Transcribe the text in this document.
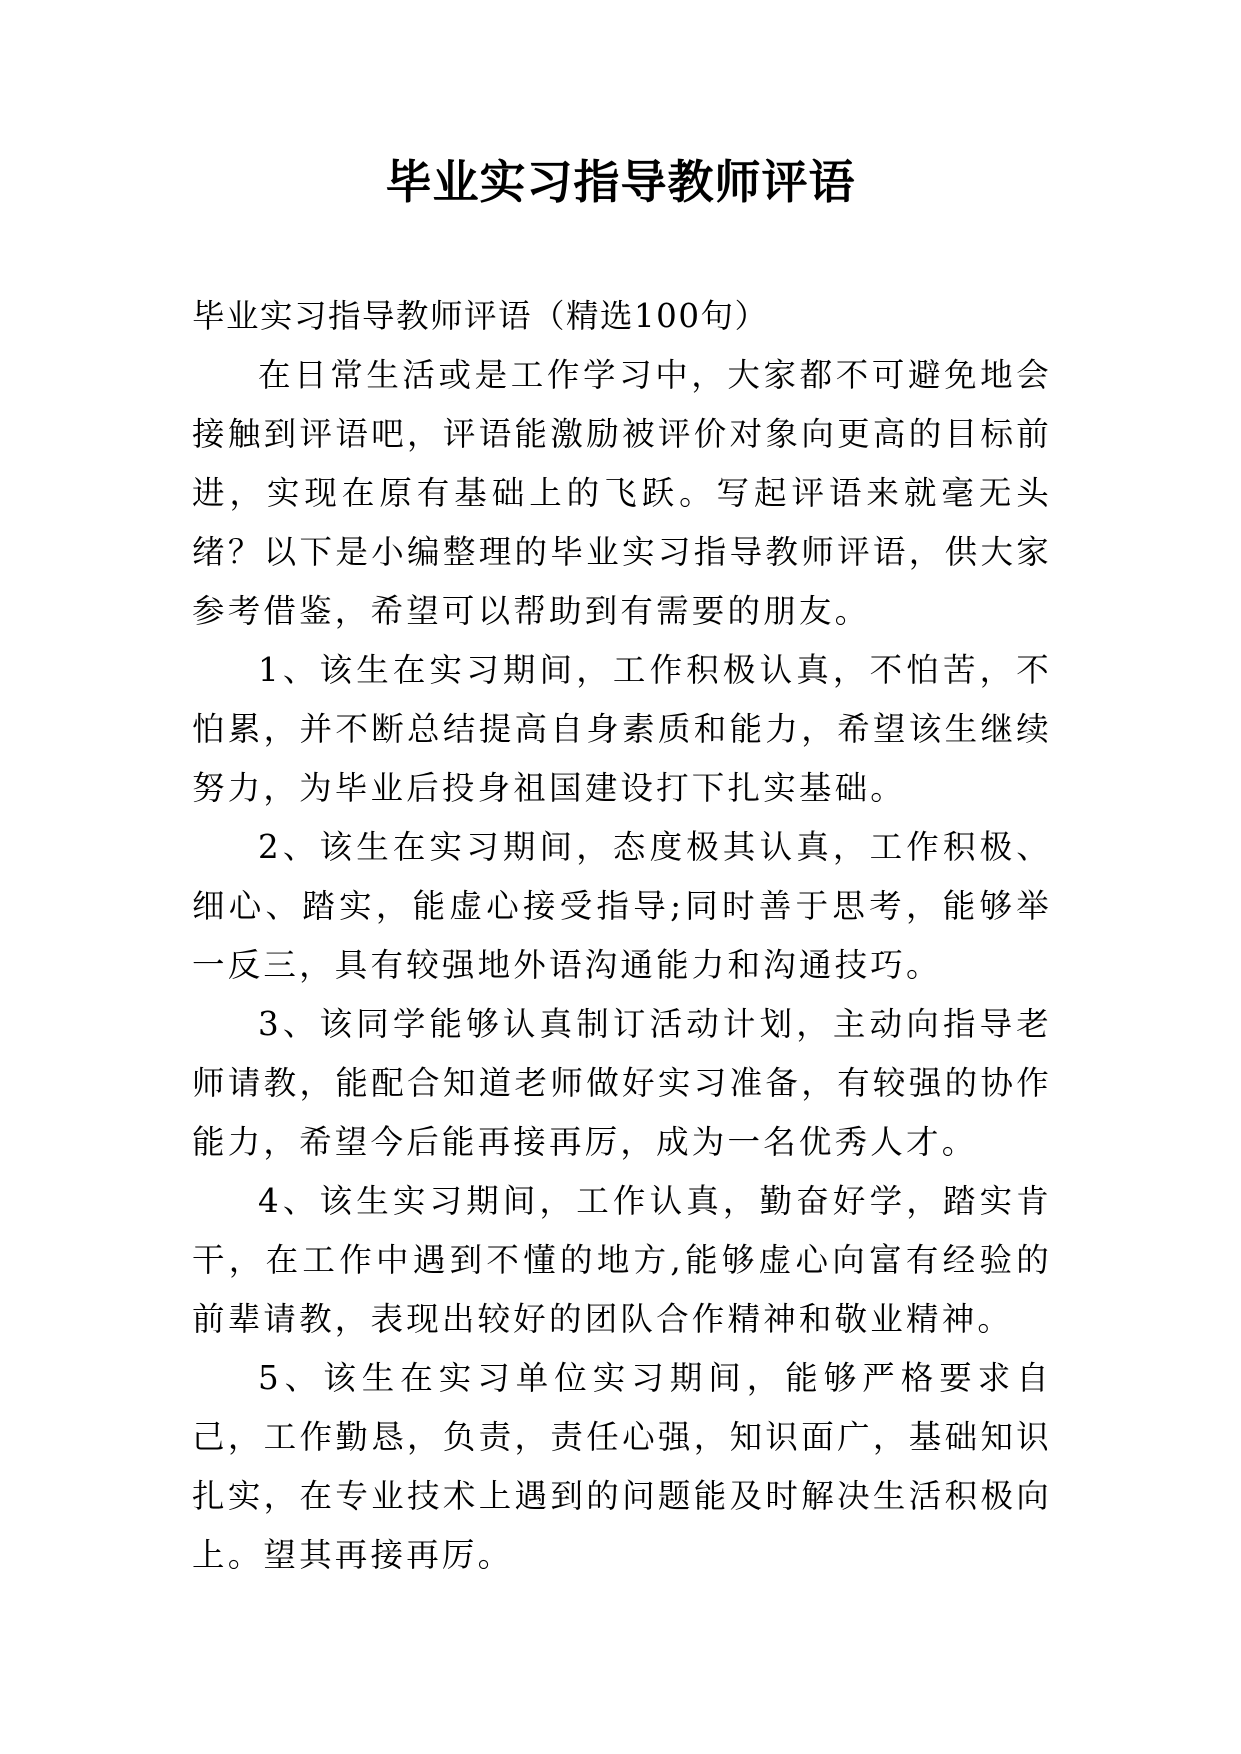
毕业实习指导教师评语

毕业实习指导教师评语（精选100句）

在日常生活或是工作学习中，大家都不可避免地会接触到评语吧，评语能激励被评价对象向更高的目标前进，实现在原有基础上的飞跃。写起评语来就毫无头绪？以下是小编整理的毕业实习指导教师评语，供大家参考借鉴，希望可以帮助到有需要的朋友。

1、该生在实习期间，工作积极认真，不怕苦，不怕累，并不断总结提高自身素质和能力，希望该生继续努力，为毕业后投身祖国建设打下扎实基础。

2、该生在实习期间，态度极其认真，工作积极、细心、踏实，能虚心接受指导;同时善于思考，能够举一反三，具有较强地外语沟通能力和沟通技巧。

3、该同学能够认真制订活动计划，主动向指导老师请教，能配合知道老师做好实习准备，有较强的协作能力，希望今后能再接再厉，成为一名优秀人才。

4、该生实习期间，工作认真，勤奋好学，踏实肯干，在工作中遇到不懂的地方,能够虚心向富有经验的前辈请教，表现出较好的团队合作精神和敬业精神。

5、该生在实习单位实习期间，能够严格要求自己，工作勤恳，负责，责任心强，知识面广，基础知识扎实，在专业技术上遇到的问题能及时解决生活积极向上。望其再接再厉。
